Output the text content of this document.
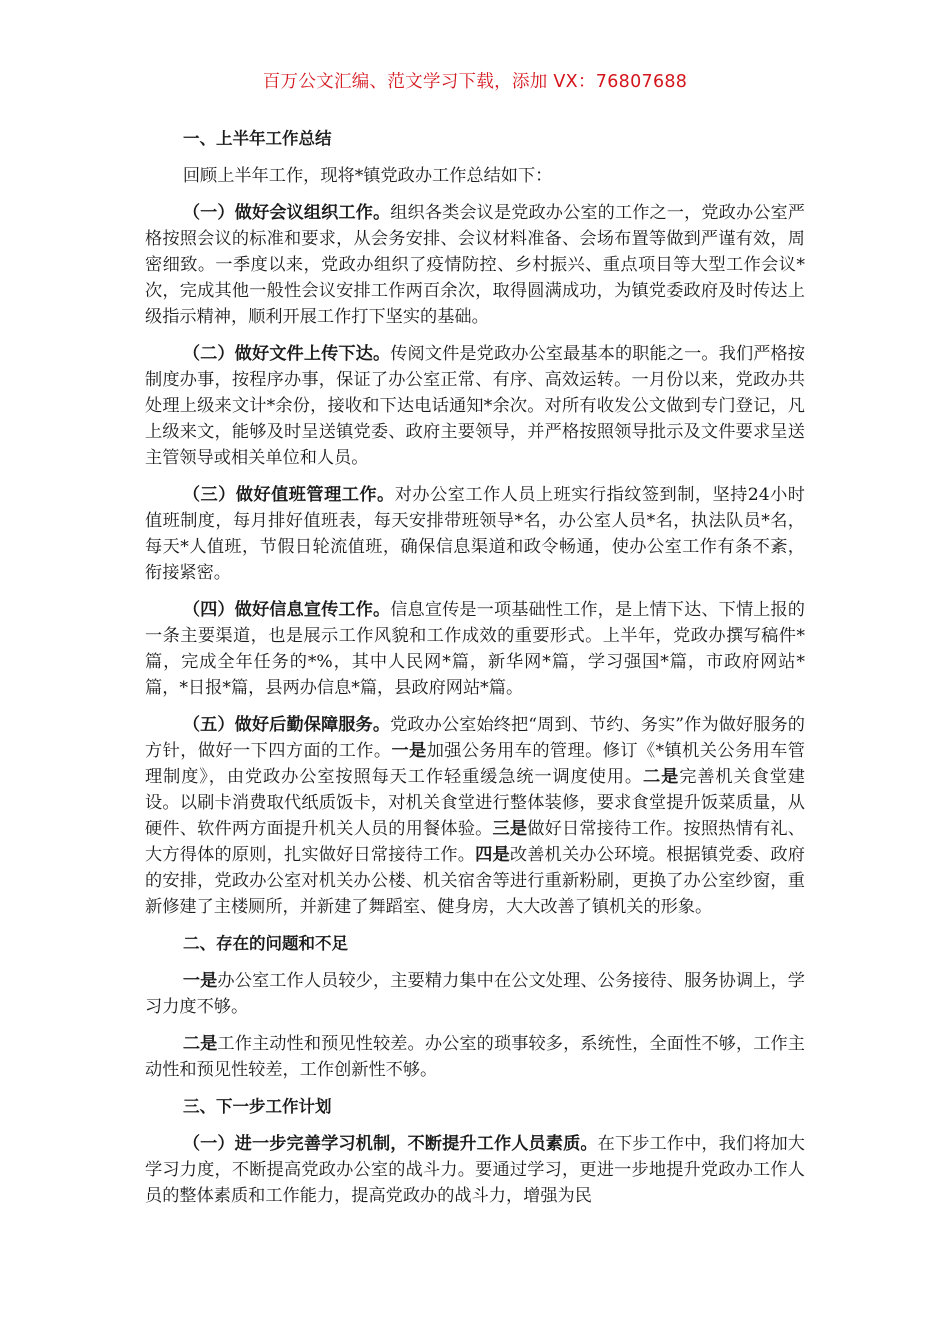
百万公文汇编、范文学习下载，添加 VX：76807688
一、上半年工作总结

回顾上半年工作，现将*镇党政办工作总结如下：

（一）做好会议组织工作。组织各类会议是党政办公室的工作之一，党政办公室严格按照会议的标准和要求，从会务安排、会议材料准备、会场布置等做到严谨有效，周密细致。一季度以来，党政办组织了疫情防控、乡村振兴、重点项目等大型工作会议*次，完成其他一般性会议安排工作两百余次，取得圆满成功，为镇党委政府及时传达上级指示精神，顺利开展工作打下坚实的基础。

（二）做好文件上传下达。传阅文件是党政办公室最基本的职能之一。我们严格按制度办事，按程序办事，保证了办公室正常、有序、高效运转。一月份以来，党政办共处理上级来文计*余份，接收和下达电话通知*余次。对所有收发公文做到专门登记，凡上级来文，能够及时呈送镇党委、政府主要领导，并严格按照领导批示及文件要求呈送主管领导或相关单位和人员。

（三）做好值班管理工作。对办公室工作人员上班实行指纹签到制，坚持24小时值班制度，每月排好值班表，每天安排带班领导*名，办公室人员*名，执法队员*名，每天*人值班，节假日轮流值班，确保信息渠道和政令畅通，使办公室工作有条不紊，衔接紧密。

（四）做好信息宣传工作。信息宣传是一项基础性工作，是上情下达、下情上报的一条主要渠道，也是展示工作风貌和工作成效的重要形式。上半年，党政办撰写稿件*篇，完成全年任务的*%，其中人民网*篇，新华网*篇，学习强国*篇，市政府网站*篇，*日报*篇，县两办信息*篇，县政府网站*篇。

（五）做好后勤保障服务。党政办公室始终把“周到、节约、务实”作为做好服务的方针，做好一下四方面的工作。一是加强公务用车的管理。修订《*镇机关公务用车管理制度》，由党政办公室按照每天工作轻重缓急统一调度使用。二是完善机关食堂建设。以刷卡消费取代纸质饭卡，对机关食堂进行整体装修，要求食堂提升饭菜质量，从硬件、软件两方面提升机关人员的用餐体验。三是做好日常接待工作。按照热情有礼、大方得体的原则，扎实做好日常接待工作。四是改善机关办公环境。根据镇党委、政府的安排，党政办公室对机关办公楼、机关宿舍等进行重新粉刷，更换了办公室纱窗，重新修建了主楼厕所，并新建了舞蹈室、健身房，大大改善了镇机关的形象。

二、存在的问题和不足

一是办公室工作人员较少，主要精力集中在公文处理、公务接待、服务协调上，学习力度不够。

二是工作主动性和预见性较差。办公室的琐事较多，系统性，全面性不够，工作主动性和预见性较差，工作创新性不够。

三、下一步工作计划

（一）进一步完善学习机制，不断提升工作人员素质。在下步工作中，我们将加大学习力度，不断提高党政办公室的战斗力。要通过学习，更进一步地提升党政办工作人员的整体素质和工作能力，提高党政办的战斗力，增强为民
